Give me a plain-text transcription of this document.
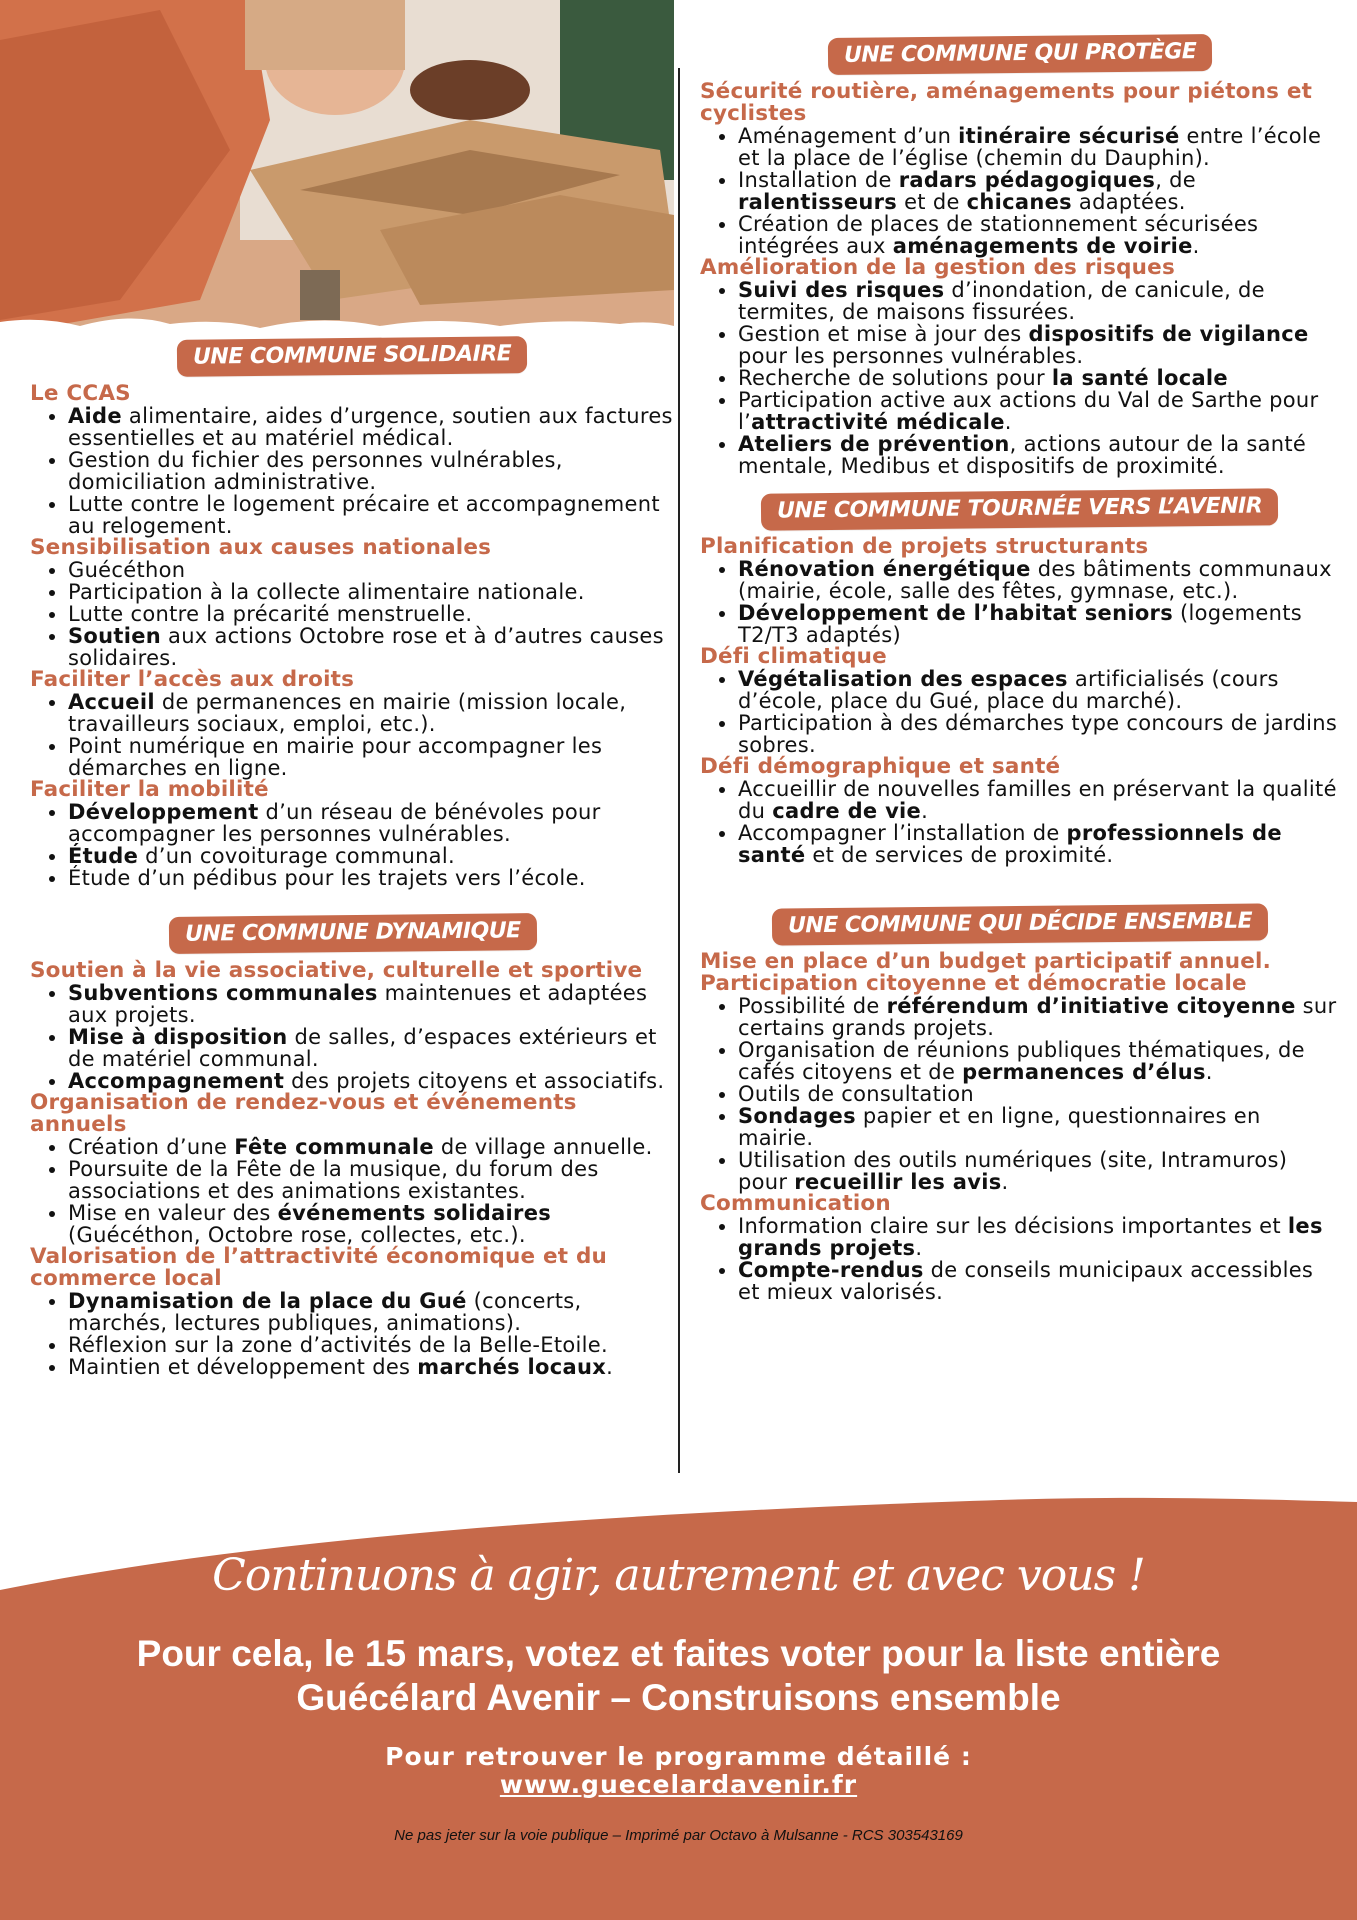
UNE COMMUNE SOLIDAIRE
Le CCAS
• Aide alimentaire, aides d’urgence, soutien aux factures essentielles et au matériel médical.
• Gestion du fichier des personnes vulnérables, domiciliation administrative.
• Lutte contre le logement précaire et accompagnement au relogement.
Sensibilisation aux causes nationales
• Guécéthon
• Participation à la collecte alimentaire nationale.
• Lutte contre la précarité menstruelle.
• Soutien aux actions Octobre rose et à d’autres causes solidaires.
Faciliter l’accès aux droits
• Accueil de permanences en mairie (mission locale, travailleurs sociaux, emploi, etc.).
• Point numérique en mairie pour accompagner les démarches en ligne.
Faciliter la mobilité
• Développement d’un réseau de bénévoles pour accompagner les personnes vulnérables.
• Étude d’un covoiturage communal.
• Étude d’un pédibus pour les trajets vers l’école.
UNE COMMUNE DYNAMIQUE
Soutien à la vie associative, culturelle et sportive
• Subventions communales maintenues et adaptées aux projets.
• Mise à disposition de salles, d’espaces extérieurs et de matériel communal.
• Accompagnement des projets citoyens et associatifs.
Organisation de rendez-vous et événements annuels
• Création d’une Fête communale de village annuelle.
• Poursuite de la Fête de la musique, du forum des associations et des animations existantes.
• Mise en valeur des événements solidaires (Guécéthon, Octobre rose, collectes, etc.).
Valorisation de l’attractivité économique et du commerce local
• Dynamisation de la place du Gué (concerts, marchés, lectures publiques, animations).
• Réflexion sur la zone d’activités de la Belle-Etoile.
• Maintien et développement des marchés locaux.
UNE COMMUNE QUI PROTÈGE
Sécurité routière, aménagements pour piétons et cyclistes
• Aménagement d’un itinéraire sécurisé entre l’école et la place de l’église (chemin du Dauphin).
• Installation de radars pédagogiques, de ralentisseurs et de chicanes adaptées.
• Création de places de stationnement sécurisées intégrées aux aménagements de voirie.
Amélioration de la gestion des risques
• Suivi des risques d’inondation, de canicule, de termites, de maisons fissurées.
• Gestion et mise à jour des dispositifs de vigilance pour les personnes vulnérables.
• Recherche de solutions pour la santé locale
• Participation active aux actions du Val de Sarthe pour l’attractivité médicale.
• Ateliers de prévention, actions autour de la santé mentale, Medibus et dispositifs de proximité.
UNE COMMUNE TOURNÉE VERS L’AVENIR
Planification de projets structurants
• Rénovation énergétique des bâtiments communaux (mairie, école, salle des fêtes, gymnase, etc.).
• Développement de l’habitat seniors (logements T2/T3 adaptés)
Défi climatique
• Végétalisation des espaces artificialisés (cours d’école, place du Gué, place du marché).
• Participation à des démarches type concours de jardins sobres.
Défi démographique et santé
• Accueillir de nouvelles familles en préservant la qualité du cadre de vie.
• Accompagner l’installation de professionnels de santé et de services de proximité.
UNE COMMUNE QUI DÉCIDE ENSEMBLE
Mise en place d’un budget participatif annuel. Participation citoyenne et démocratie locale
• Possibilité de référendum d’initiative citoyenne sur certains grands projets.
• Organisation de réunions publiques thématiques, de cafés citoyens et de permanences d’élus.
• Outils de consultation
• Sondages papier et en ligne, questionnaires en mairie.
• Utilisation des outils numériques (site, Intramuros) pour recueillir les avis.
Communication
• Information claire sur les décisions importantes et les grands projets.
• Compte-rendus de conseils municipaux accessibles et mieux valorisés.
Continuons à agir, autrement et avec vous !
Pour cela, le 15 mars, votez et faites voter pour la liste entière
Guécélard Avenir – Construisons ensemble
Pour retrouver le programme détaillé :
www.guecelardavenir.fr
Ne pas jeter sur la voie publique – Imprimé par Octavo à Mulsanne - RCS 303543169
